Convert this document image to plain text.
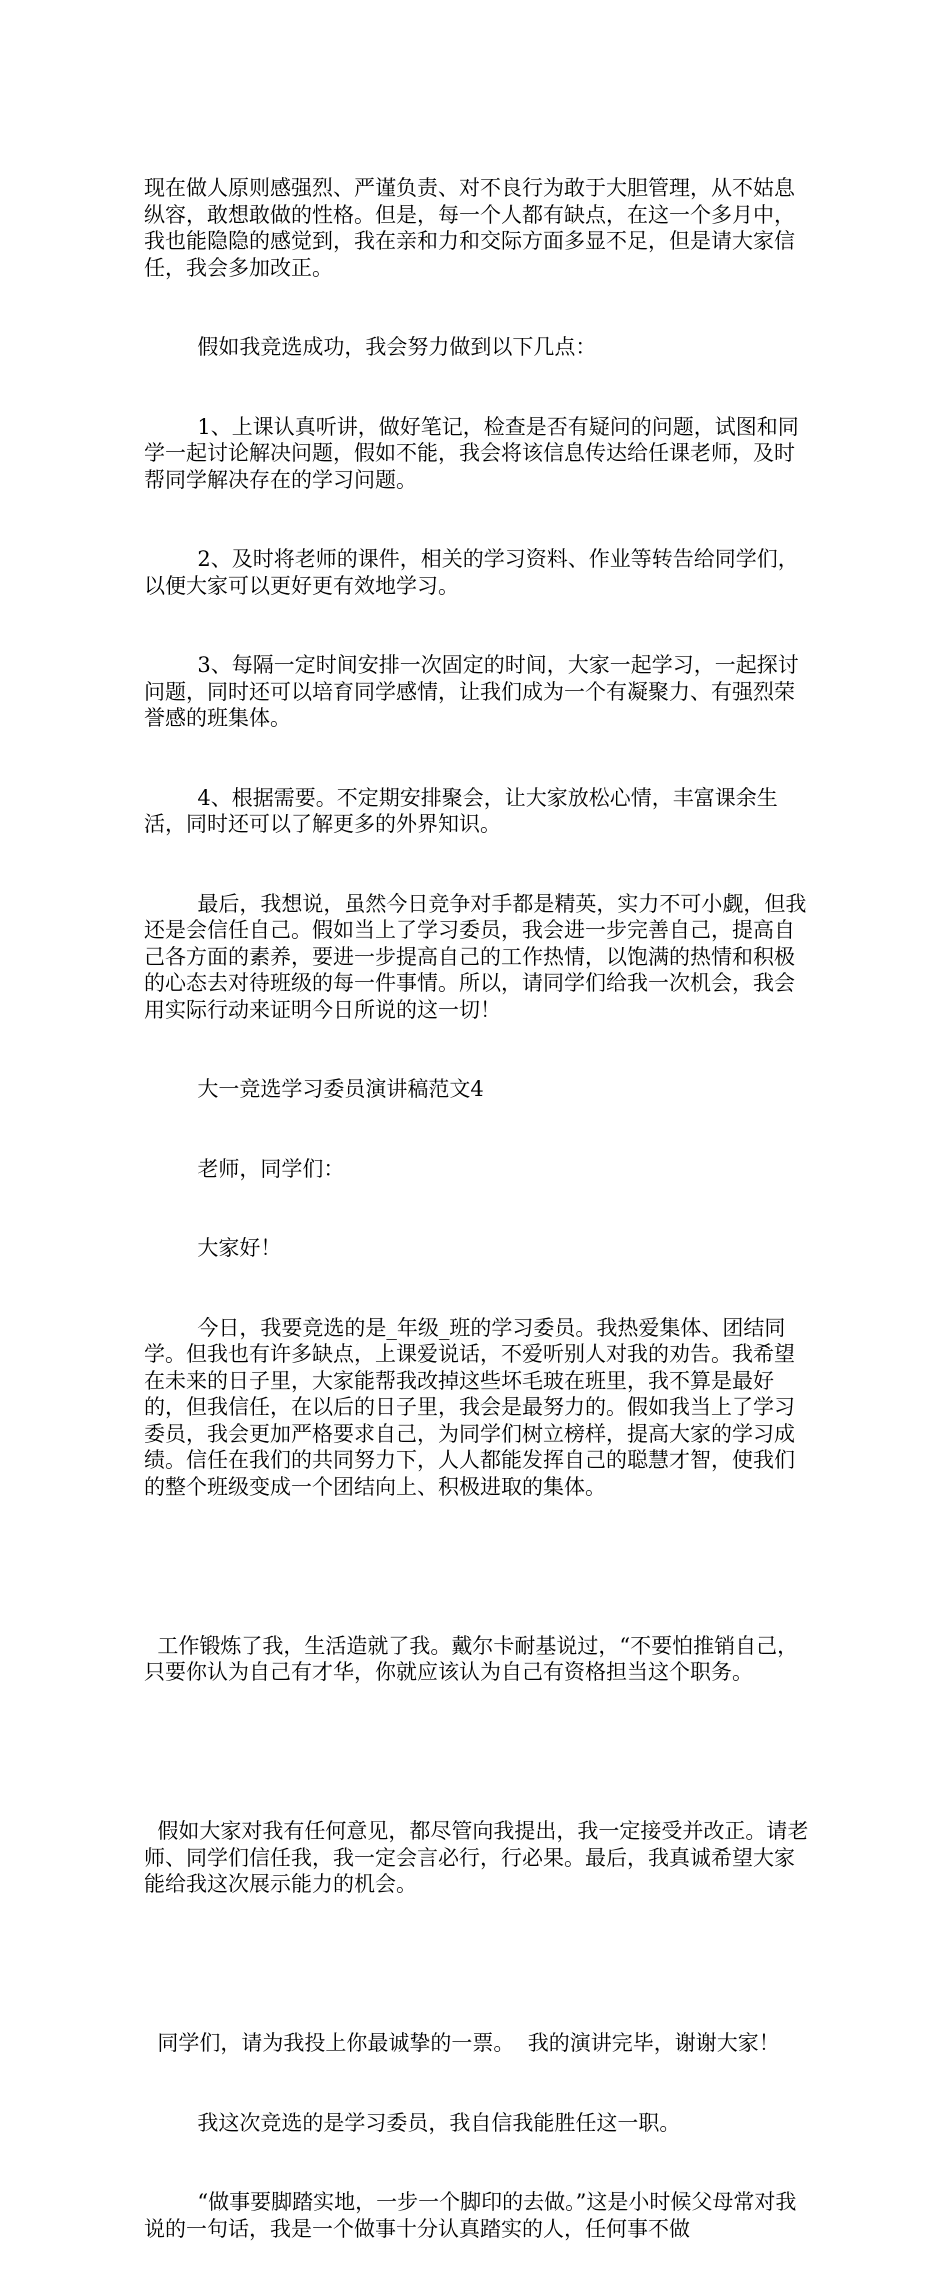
现在做人原则感强烈、严谨负责、对不良行为敢于大胆管理，从不姑息纵容，敢想敢做的性格。但是，每一个人都有缺点，在这一个多月中，我也能隐隐的感觉到，我在亲和力和交际方面多显不足，但是请大家信任，我会多加改正。

假如我竞选成功，我会努力做到以下几点：

1、上课认真听讲，做好笔记，检查是否有疑问的问题，试图和同学一起讨论解决问题，假如不能，我会将该信息传达给任课老师，及时帮同学解决存在的学习问题。

2、及时将老师的课件，相关的学习资料、作业等转告给同学们，以便大家可以更好更有效地学习。

3、每隔一定时间安排一次固定的时间，大家一起学习，一起探讨问题，同时还可以培育同学感情，让我们成为一个有凝聚力、有强烈荣誉感的班集体。

4、根据需要。不定期安排聚会，让大家放松心情，丰富课余生活，同时还可以了解更多的外界知识。

最后，我想说，虽然今日竞争对手都是精英，实力不可小觑，但我还是会信任自己。假如当上了学习委员，我会进一步完善自己，提高自己各方面的素养，要进一步提高自己的工作热情，以饱满的热情和积极的心态去对待班级的每一件事情。所以，请同学们给我一次机会，我会用实际行动来证明今日所说的这一切！

大一竞选学习委员演讲稿范文4

老师，同学们：

大家好！

今日，我要竞选的是_年级_班的学习委员。我热爱集体、团结同学。但我也有许多缺点，上课爱说话，不爱听别人对我的劝告。我希望在未来的日子里，大家能帮我改掉这些坏毛玻在班里，我不算是最好的，但我信任，在以后的日子里，我会是最努力的。假如我当上了学习委员，我会更加严格要求自己，为同学们树立榜样，提高大家的学习成绩。信任在我们的共同努力下，人人都能发挥自己的聪慧才智，使我们的整个班级变成一个团结向上、积极进取的集体。

工作锻炼了我，生活造就了我。戴尔卡耐基说过，“不要怕推销自己，只要你认为自己有才华，你就应该认为自己有资格担当这个职务。

假如大家对我有任何意见，都尽管向我提出，我一定接受并改正。请老师、同学们信任我，我一定会言必行，行必果。最后，我真诚希望大家能给我这次展示能力的机会。

同学们，请为我投上你最诚挚的一票。  我的演讲完毕，谢谢大家！

我这次竞选的是学习委员，我自信我能胜任这一职。

“做事要脚踏实地，一步一个脚印的去做。”这是小时候父母常对我说的一句话，我是一个做事十分认真踏实的人，任何事不做
